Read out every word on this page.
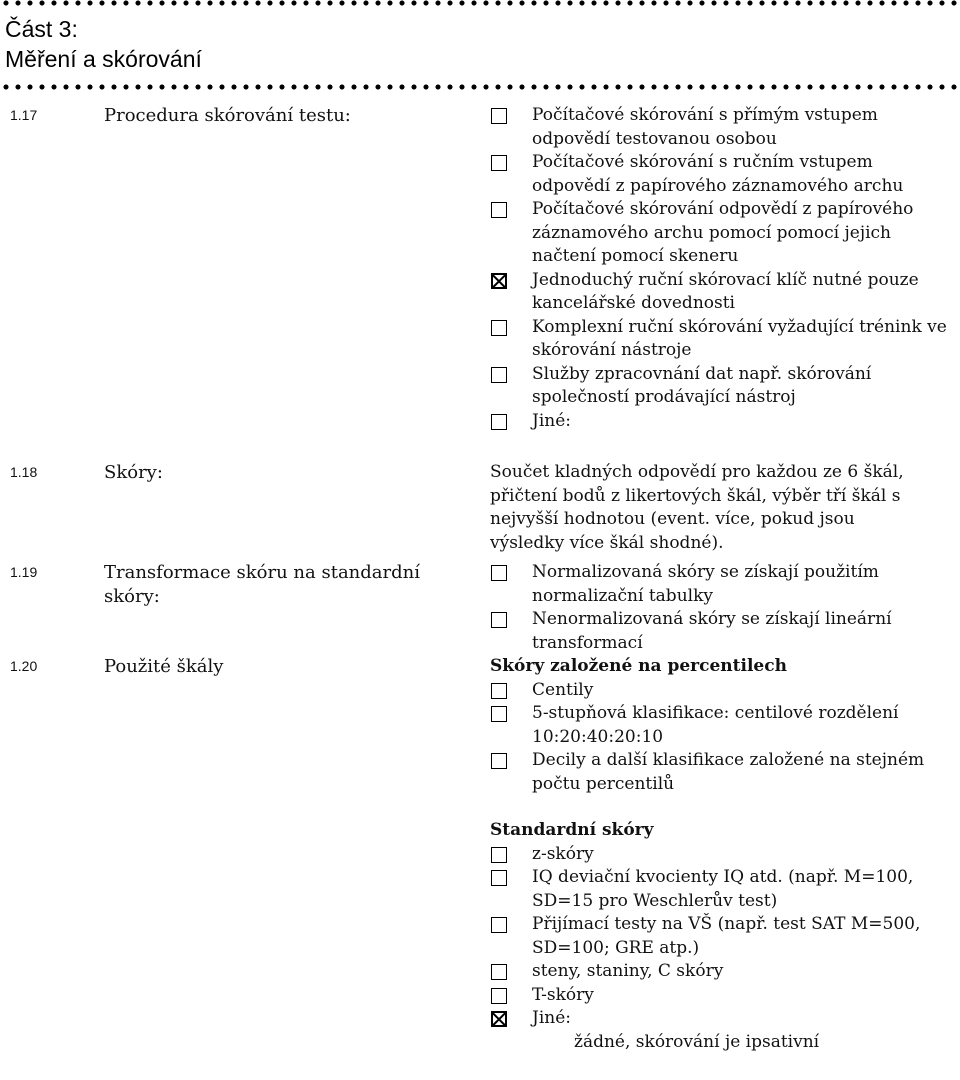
Část 3:
Měření a skórování
1.17	Procedura skórování testu:	Počítačové skórování s přímým vstupem odpovědí testovanou osobou
Počítačové skórování s ručním vstupem odpovědí z papírového záznamového archu
Počítačové skórování odpovědí z papírového záznamového archu pomocí pomocí jejich načtení pomocí skeneru
Jednoduchý ruční skórovací klíč nutné pouze kancelářské dovednosti
Komplexní ruční skórování vyžadující trénink ve skórování nástroje
Služby zpracovnání dat např. skórování společností prodávající nástroj
Jiné:
1.18	Skóry:	Součet kladných odpovědí pro každou ze 6 škál, přičtení bodů z likertových škál, výběr tří škál s nejvyšší hodnotou (event. více, pokud jsou výsledky více škál shodné).
1.19	Transformace skóru na standardní skóry:
Normalizovaná skóry se získají použitím normalizační tabulky
Nenormalizovaná skóry se získají lineární transformací
1.20	Použité škály	Skóry založené na percentilech
Centily
5-stupňová klasifikace: centilové rozdělení 10:20:40:20:10
Decily a další klasifikace založené na stejném počtu percentilů
Standardní skóry
z-skóry
IQ deviační kvocienty IQ atd. (např. M=100, SD=15 pro Weschlerův test)
Přijímací testy na VŠ (např. test SAT M=500, SD=100; GRE atp.)
steny, staniny, C skóry
T-skóry
Jiné:
žádné, skórování je ipsativní
